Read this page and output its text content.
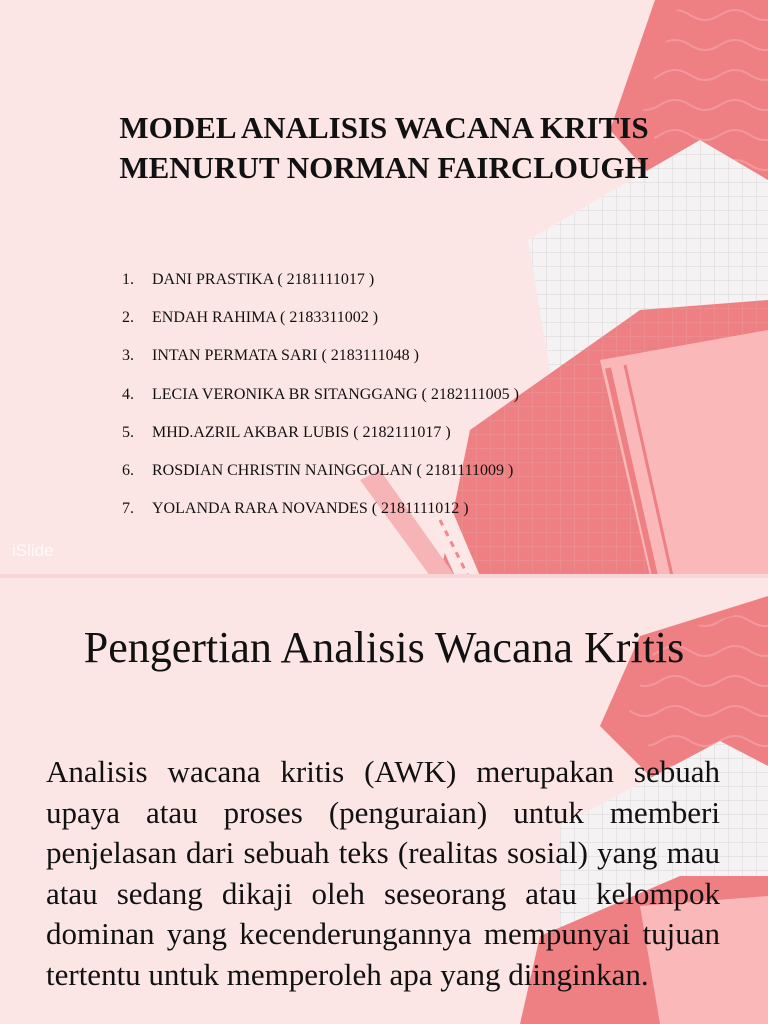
MODEL ANALISIS WACANA KRITIS
MENURUT NORMAN FAIRCLOUGH
1. DANI PRASTIKA ( 2181111017 )
2. ENDAH RAHIMA ( 2183311002 )
3. INTAN PERMATA SARI ( 2183111048 )
4. LECIA VERONIKA BR SITANGGANG ( 2182111005 )
5. MHD.AZRIL AKBAR LUBIS ( 2182111017 )
6. ROSDIAN CHRISTIN NAINGGOLAN ( 2181111009 )
7. YOLANDA RARA NOVANDES ( 2181111012 )
iSlide
Pengertian Analisis Wacana Kritis
Analisis wacana kritis (AWK) merupakan sebuah upaya atau proses (penguraian) untuk memberi penjelasan dari sebuah teks (realitas sosial) yang mau atau sedang dikaji oleh seseorang atau kelompok dominan yang kecenderungannya mempunyai tujuan tertentu untuk memperoleh apa yang diinginkan.
